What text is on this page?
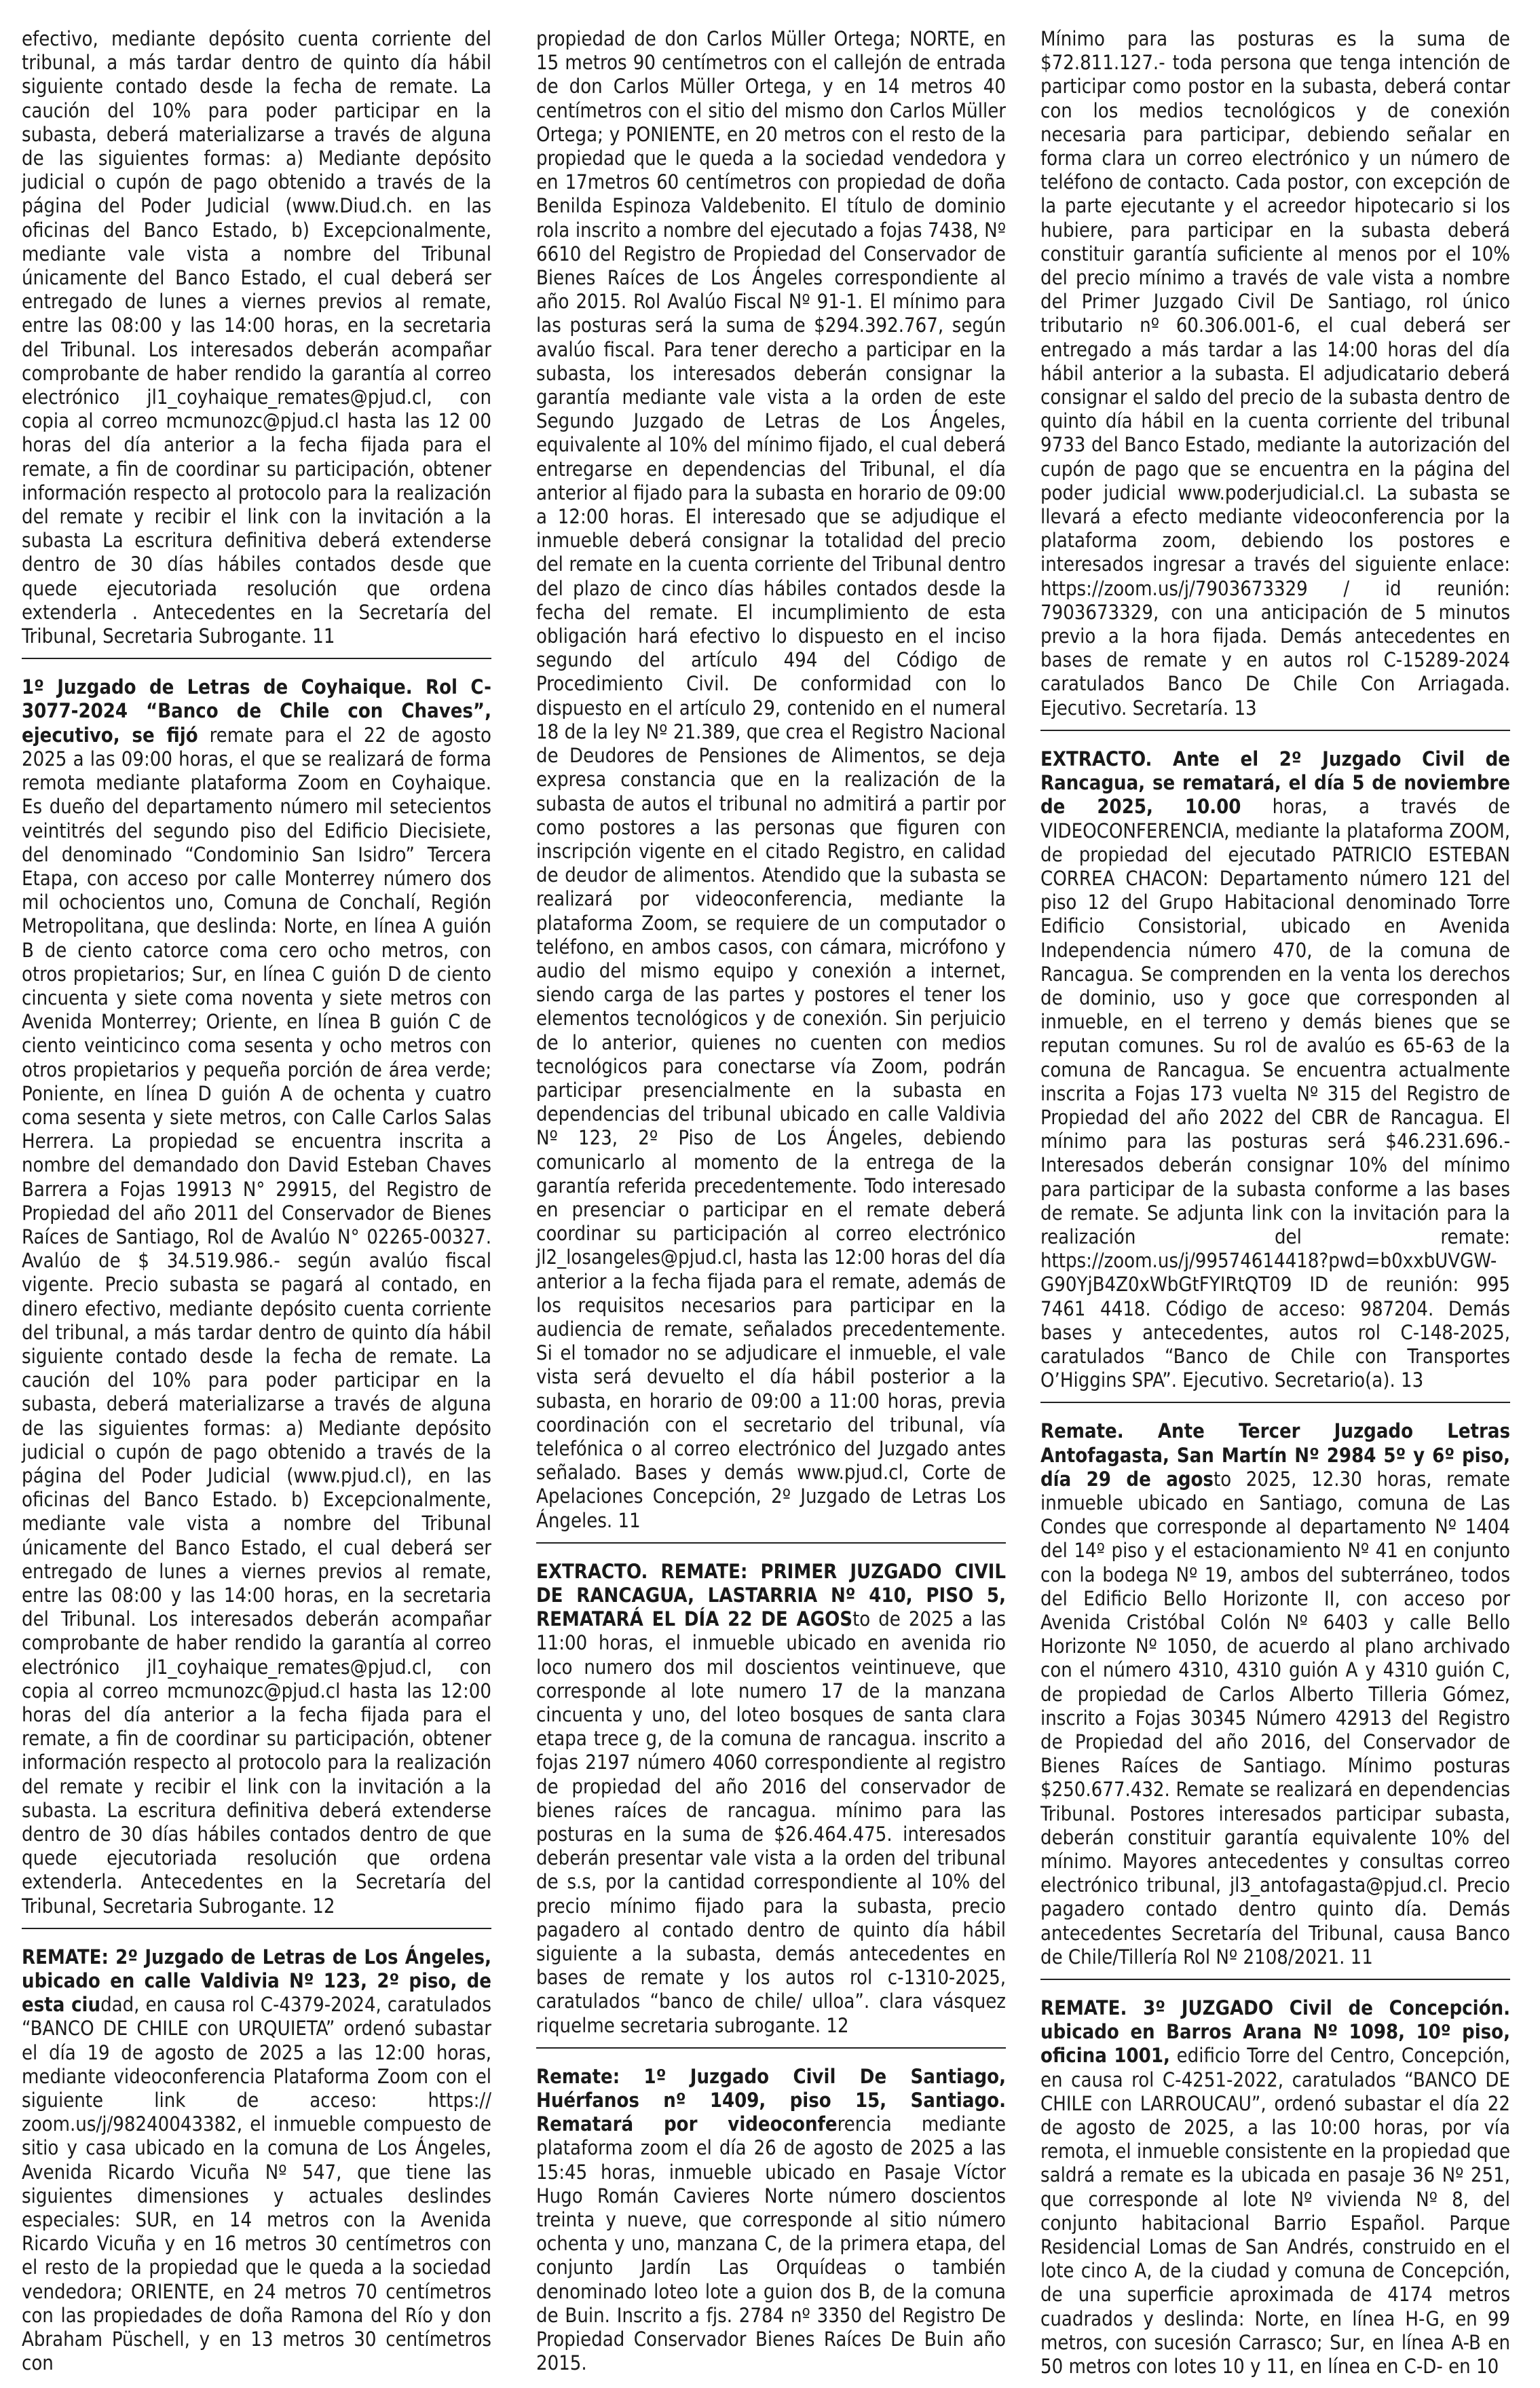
efectivo, mediante depósito cuenta corriente del tribunal, a más tardar dentro de quinto día hábil siguiente contado desde la fecha de remate. La caución del 10% para poder participar en la subasta, deberá materializarse a través de alguna de las siguientes formas: a) Mediante depósito judicial o cupón de pago obtenido a través de la página del Poder Judicial (www.Diud.ch. en las oficinas del Banco Estado, b) Excepcionalmente, mediante vale vista a nombre del Tribunal únicamente del Banco Estado, el cual deberá ser entregado de lunes a viernes previos al remate, entre las 08:00 y las 14:00 horas, en la secretaria del Tribunal. Los interesados deberán acompañar comprobante de haber rendido la garantía al correo electrónico jl1_coyhaique_remates@pjud.cl, con copia al correo mcmunozc@pjud.cl hasta las 12 00 horas del día anterior a la fecha fijada para el remate, a fin de coordinar su participación, obtener información respecto al protocolo para la realización del remate y recibir el link con la invitación a la subasta La escritura definitiva deberá extenderse dentro de 30 días hábiles contados desde que quede ejecutoriada resolución que ordena extenderla . Antecedentes en la Secretaría del Tribunal, Secretaria Subrogante. 11

1º Juzgado de Letras de Coyhaique. Rol C-3077-2024 “Banco de Chile con Chaves”, ejecutivo, se fijó remate para el 22 de agosto 2025 a las 09:00 horas, el que se realizará de forma remota mediante plataforma Zoom en Coyhaique. Es dueño del departamento número mil setecientos veintitrés del segundo piso del Edificio Diecisiete, del denominado “Condominio San Isidro” Tercera Etapa, con acceso por calle Monterrey número dos mil ochocientos uno, Comuna de Conchalí, Región Metropolitana, que deslinda: Norte, en línea A guión B de ciento catorce coma cero ocho metros, con otros propietarios; Sur, en línea C guión D de ciento cincuenta y siete coma noventa y siete metros con Avenida Monterrey; Oriente, en línea B guión C de ciento veinticinco coma sesenta y ocho metros con otros propietarios y pequeña porción de área verde; Poniente, en línea D guión A de ochenta y cuatro coma sesenta y siete metros, con Calle Carlos Salas Herrera. La propiedad se encuentra inscrita a nombre del demandado don David Esteban Chaves Barrera a Fojas 19913 N° 29915, del Registro de Propiedad del año 2011 del Conservador de Bienes Raíces de Santiago, Rol de Avalúo N° 02265-00327. Avalúo de $ 34.519.986.- según avalúo fiscal vigente. Precio subasta se pagará al contado, en dinero efectivo, mediante depósito cuenta corriente del tribunal, a más tardar dentro de quinto día hábil siguiente contado desde la fecha de remate. La caución del 10% para poder participar en la subasta, deberá materializarse a través de alguna de las siguientes formas: a) Mediante depósito judicial o cupón de pago obtenido a través de la página del Poder Judicial (www.pjud.cl), en las oficinas del Banco Estado. b) Excepcionalmente, mediante vale vista a nombre del Tribunal únicamente del Banco Estado, el cual deberá ser entregado de lunes a viernes previos al remate, entre las 08:00 y las 14:00 horas, en la secretaria del Tribunal. Los interesados deberán acompañar comprobante de haber rendido la garantía al correo electrónico jl1_coyhaique_remates@pjud.cl, con copia al correo mcmunozc@pjud.cl hasta las 12:00 horas del día anterior a la fecha fijada para el remate, a fin de coordinar su participación, obtener información respecto al protocolo para la realización del remate y recibir el link con la invitación a la subasta. La escritura definitiva deberá extenderse dentro de 30 días hábiles contados dentro de que quede ejecutoriada resolución que ordena extenderla. Antecedentes en la Secretaría del Tribunal, Secretaria Subrogante. 12

REMATE: 2º Juzgado de Letras de Los Ángeles, ubicado en calle Valdivia Nº 123, 2º piso, de esta ciudad, en causa rol C-4379-2024, caratulados “BANCO DE CHILE con URQUIETA” ordenó subastar el día 19 de agosto de 2025 a las 12:00 horas, mediante videoconferencia Plataforma Zoom con el siguiente link de acceso: https:// zoom.us/j/98240043382, el inmueble compuesto de sitio y casa ubicado en la comuna de Los Ángeles, Avenida Ricardo Vicuña Nº 547, que tiene las siguientes dimensiones y actuales deslindes especiales: SUR, en 14 metros con la Avenida Ricardo Vicuña y en 16 metros 30 centímetros con el resto de la propiedad que le queda a la sociedad vendedora; ORIENTE, en 24 metros 70 centímetros con las propiedades de doña Ramona del Río y don Abraham Püschell, y en 13 metros 30 centímetros con

propiedad de don Carlos Müller Ortega; NORTE, en 15 metros 90 centímetros con el callejón de entrada de don Carlos Müller Ortega, y en 14 metros 40 centímetros con el sitio del mismo don Carlos Müller Ortega; y PONIENTE, en 20 metros con el resto de la propiedad que le queda a la sociedad vendedora y en 17metros 60 centímetros con propiedad de doña Benilda Espinoza Valdebenito. El título de dominio rola inscrito a nombre del ejecutado a fojas 7438, Nº 6610 del Registro de Propiedad del Conservador de Bienes Raíces de Los Ángeles correspondiente al año 2015. Rol Avalúo Fiscal Nº 91-1. El mínimo para las posturas será la suma de $294.392.767, según avalúo fiscal. Para tener derecho a participar en la subasta, los interesados deberán consignar la garantía mediante vale vista a la orden de este Segundo Juzgado de Letras de Los Ángeles, equivalente al 10% del mínimo fijado, el cual deberá entregarse en dependencias del Tribunal, el día anterior al fijado para la subasta en horario de 09:00 a 12:00 horas. El interesado que se adjudique el inmueble deberá consignar la totalidad del precio del remate en la cuenta corriente del Tribunal dentro del plazo de cinco días hábiles contados desde la fecha del remate. El incumplimiento de esta obligación hará efectivo lo dispuesto en el inciso segundo del artículo 494 del Código de Procedimiento Civil. De conformidad con lo dispuesto en el artículo 29, contenido en el numeral 18 de la ley Nº 21.389, que crea el Registro Nacional de Deudores de Pensiones de Alimentos, se deja expresa constancia que en la realización de la subasta de autos el tribunal no admitirá a partir por como postores a las personas que figuren con inscripción vigente en el citado Registro, en calidad de deudor de alimentos. Atendido que la subasta se realizará por videoconferencia, mediante la plataforma Zoom, se requiere de un computador o teléfono, en ambos casos, con cámara, micrófono y audio del mismo equipo y conexión a internet, siendo carga de las partes y postores el tener los elementos tecnológicos y de conexión. Sin perjuicio de lo anterior, quienes no cuenten con medios tecnológicos para conectarse vía Zoom, podrán participar presencialmente en la subasta en dependencias del tribunal ubicado en calle Valdivia Nº 123, 2º Piso de Los Ángeles, debiendo comunicarlo al momento de la entrega de la garantía referida precedentemente. Todo interesado en presenciar o participar en el remate deberá coordinar su participación al correo electrónico jl2_losangeles@pjud.cl, hasta las 12:00 horas del día anterior a la fecha fijada para el remate, además de los requisitos necesarios para participar en la audiencia de remate, señalados precedentemente. Si el tomador no se adjudicare el inmueble, el vale vista será devuelto el día hábil posterior a la subasta, en horario de 09:00 a 11:00 horas, previa coordinación con el secretario del tribunal, vía telefónica o al correo electrónico del Juzgado antes señalado. Bases y demás www.pjud.cl, Corte de Apelaciones Concepción, 2º Juzgado de Letras Los Ángeles. 11

EXTRACTO. REMATE: PRIMER JUZGADO CIVIL DE RANCAGUA, LASTARRIA Nº 410, PISO 5, REMATARÁ EL DÍA 22 DE AGOSto de 2025 a las 11:00 horas, el inmueble ubicado en avenida rio loco numero dos mil doscientos veintinueve, que corresponde al lote numero 17 de la manzana cincuenta y uno, del loteo bosques de santa clara etapa trece g, de la comuna de rancagua. inscrito a fojas 2197 número 4060 correspondiente al registro de propiedad del año 2016 del conservador de bienes raíces de rancagua. mínimo para las posturas en la suma de $26.464.475. interesados deberán presentar vale vista a la orden del tribunal de s.s, por la cantidad correspondiente al 10% del precio mínimo fijado para la subasta, precio pagadero al contado dentro de quinto día hábil siguiente a la subasta, demás antecedentes en bases de remate y los autos rol c-1310-2025, caratulados “banco de chile/ ulloa”. clara vásquez riquelme secretaria subrogante. 12

Remate: 1º Juzgado Civil De Santiago, Huérfanos nº 1409, piso 15, Santiago. Rematará por videoconferencia mediante plataforma zoom el día 26 de agosto de 2025 a las 15:45 horas, inmueble ubicado en Pasaje Víctor Hugo Román Cavieres Norte número doscientos treinta y nueve, que corresponde al sitio número ochenta y uno, manzana C, de la primera etapa, del conjunto Jardín Las Orquídeas o también denominado loteo lote a guion dos B, de la comuna de Buin. Inscrito a fjs. 2784 nº 3350 del Registro De Propiedad Conservador Bienes Raíces De Buin año 2015.

Mínimo para las posturas es la suma de $72.811.127.- toda persona que tenga intención de participar como postor en la subasta, deberá contar con los medios tecnológicos y de conexión necesaria para participar, debiendo señalar en forma clara un correo electrónico y un número de teléfono de contacto. Cada postor, con excepción de la parte ejecutante y el acreedor hipotecario si los hubiere, para participar en la subasta deberá constituir garantía suficiente al menos por el 10% del precio mínimo a través de vale vista a nombre del Primer Juzgado Civil De Santiago, rol único tributario nº 60.306.001-6, el cual deberá ser entregado a más tardar a las 14:00 horas del día hábil anterior a la subasta. El adjudicatario deberá consignar el saldo del precio de la subasta dentro de quinto día hábil en la cuenta corriente del tribunal 9733 del Banco Estado, mediante la autorización del cupón de pago que se encuentra en la página del poder judicial www.poderjudicial.cl. La subasta se llevará a efecto mediante videoconferencia por la plataforma zoom, debiendo los postores e interesados ingresar a través del siguiente enlace: https://zoom.us/j/7903673329 / id reunión: 7903673329, con una anticipación de 5 minutos previo a la hora fijada. Demás antecedentes en bases de remate y en autos rol C-15289-2024 caratulados Banco De Chile Con Arriagada. Ejecutivo. Secretaría. 13

EXTRACTO. Ante el 2º Juzgado Civil de Rancagua, se rematará, el día 5 de noviembre de 2025, 10.00 horas, a través de VIDEOCONFERENCIA, mediante la plataforma ZOOM, de propiedad del ejecutado PATRICIO ESTEBAN CORREA CHACON: Departamento número 121 del piso 12 del Grupo Habitacional denominado Torre Edificio Consistorial, ubicado en Avenida Independencia número 470, de la comuna de Rancagua. Se comprenden en la venta los derechos de dominio, uso y goce que corresponden al inmueble, en el terreno y demás bienes que se reputan comunes. Su rol de avalúo es 65-63 de la comuna de Rancagua. Se encuentra actualmente inscrita a Fojas 173 vuelta Nº 315 del Registro de Propiedad del año 2022 del CBR de Rancagua. El mínimo para las posturas será $46.231.696.- Interesados deberán consignar 10% del mínimo para participar de la subasta conforme a las bases de remate. Se adjunta link con la invitación para la realización del remate: https://zoom.us/j/99574614418?pwd=b0xxbUVGW-G90YjB4Z0xWbGtFYIRtQT09 ID de reunión: 995 7461 4418. Código de acceso: 987204. Demás bases y antecedentes, autos rol C-148-2025, caratulados “Banco de Chile con Transportes O’Higgins SPA”. Ejecutivo. Secretario(a). 13

Remate. Ante Tercer Juzgado Letras Antofagasta, San Martín Nº 2984 5º y 6º piso, día 29 de agosto 2025, 12.30 horas, remate inmueble ubicado en Santiago, comuna de Las Condes que corresponde al departamento Nº 1404 del 14º piso y el estacionamiento Nº 41 en conjunto con la bodega Nº 19, ambos del subterráneo, todos del Edificio Bello Horizonte II, con acceso por Avenida Cristóbal Colón Nº 6403 y calle Bello Horizonte Nº 1050, de acuerdo al plano archivado con el número 4310, 4310 guión A y 4310 guión C, de propiedad de Carlos Alberto Tilleria Gómez, inscrito a Fojas 30345 Número 42913 del Registro de Propiedad del año 2016, del Conservador de Bienes Raíces de Santiago. Mínimo posturas $250.677.432. Remate se realizará en dependencias Tribunal. Postores interesados participar subasta, deberán constituir garantía equivalente 10% del mínimo. Mayores antecedentes y consultas correo electrónico tribunal, jl3_antofagasta@pjud.cl. Precio pagadero contado dentro quinto día. Demás antecedentes Secretaría del Tribunal, causa Banco de Chile/Tillería Rol Nº 2108/2021. 11

REMATE. 3º JUZGADO Civil de Concepción. ubicado en Barros Arana Nº 1098, 10º piso, oficina 1001, edificio Torre del Centro, Concepción, en causa rol C-4251-2022, caratulados “BANCO DE CHILE con LARROUCAU”, ordenó subastar el día 22 de agosto de 2025, a las 10:00 horas, por vía remota, el inmueble consistente en la propiedad que saldrá a remate es la ubicada en pasaje 36 Nº 251, que corresponde al lote Nº vivienda Nº 8, del conjunto habitacional Barrio Español. Parque Residencial Lomas de San Andrés, construido en el lote cinco A, de la ciudad y comuna de Concepción, de una superficie aproximada de 4174 metros cuadrados y deslinda: Norte, en línea H-G, en 99 metros, con sucesión Carrasco; Sur, en línea A-B en 50 metros con lotes 10 y 11, en línea en C-D- en 10
